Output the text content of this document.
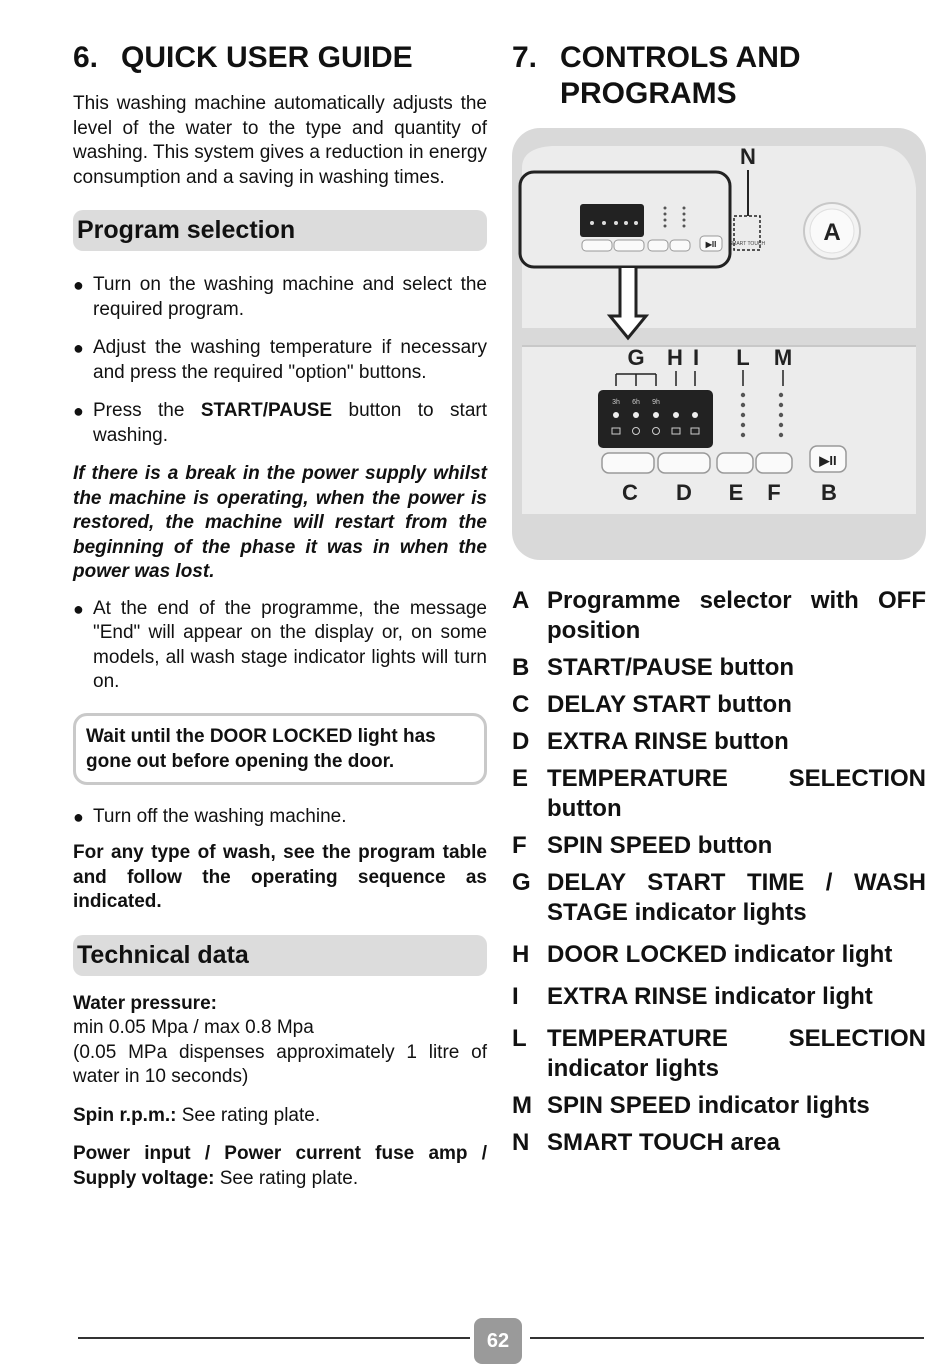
6. QUICK USER GUIDE

This washing machine automatically adjusts the level of the water to the type and quantity of washing. This system gives a reduction in energy consumption and a saving in washing times.

Program selection
● Turn on the washing machine and select the required program.
● Adjust the washing temperature if necessary and press the required "option" buttons.
● Press the START/PAUSE button to start washing.
If there is a break in the power supply whilst the machine is operating, when the power is restored, the machine will restart from the beginning of the phase it was in when the power was lost.
● At the end of the programme, the message "End" will appear on the display or, on some models, all wash stage indicator lights will turn on.
Wait until the DOOR LOCKED light has gone out before opening the door.
● Turn off the washing machine.
For any type of wash, see the program table and follow the operating sequence as indicated.
Technical data
Water pressure:
min 0.05 Mpa / max 0.8 Mpa

(0.05 MPa dispenses approximately 1 litre of water in 10 seconds)
Spin r.p.m.: See rating plate.
Power input / Power current fuse amp / Supply voltage: See rating plate.
7. CONTROLS AND PROGRAMS
A
N
SMART TOUCH
▶II
3h 6h 9h
G H I L M
▶II
C D E F B
A Programme selector with OFF position
B START/PAUSE button
C DELAY START button
D EXTRA RINSE button
E TEMPERATURE SELECTION button
F SPIN SPEED button
G DELAY START TIME / WASH STAGE indicator lights
H DOOR LOCKED indicator light
I	EXTRA RINSE indicator light
L TEMPERATURE SELECTION indicator lights
M SPIN SPEED indicator lights
N SMART TOUCH area
62
